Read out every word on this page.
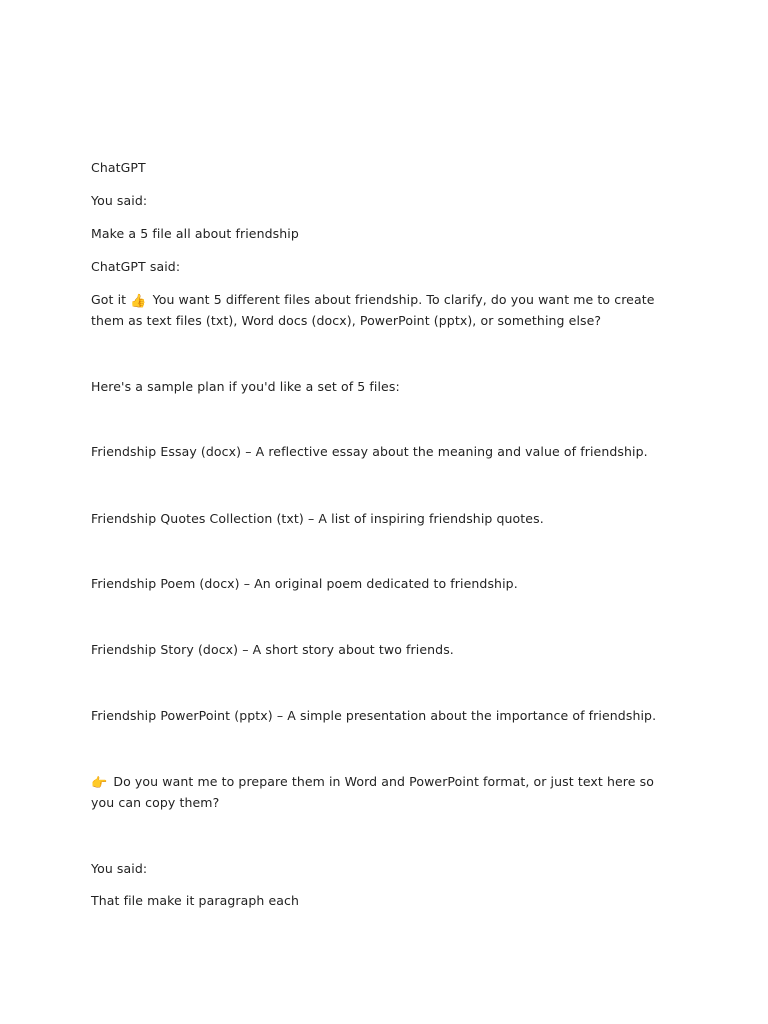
ChatGPT
You said:
Make a 5 file all about friendship
ChatGPT said:
Got it 👍 You want 5 different files about friendship. To clarify, do you want me to create them as text files (txt), Word docs (docx), PowerPoint (pptx), or something else?
Here's a sample plan if you'd like a set of 5 files:
Friendship Essay (docx) – A reflective essay about the meaning and value of friendship.
Friendship Quotes Collection (txt) – A list of inspiring friendship quotes.
Friendship Poem (docx) – An original poem dedicated to friendship.
Friendship Story (docx) – A short story about two friends.
Friendship PowerPoint (pptx) – A simple presentation about the importance of friendship.
👉 Do you want me to prepare them in Word and PowerPoint format, or just text here so you can copy them?
You said:
That file make it paragraph each
